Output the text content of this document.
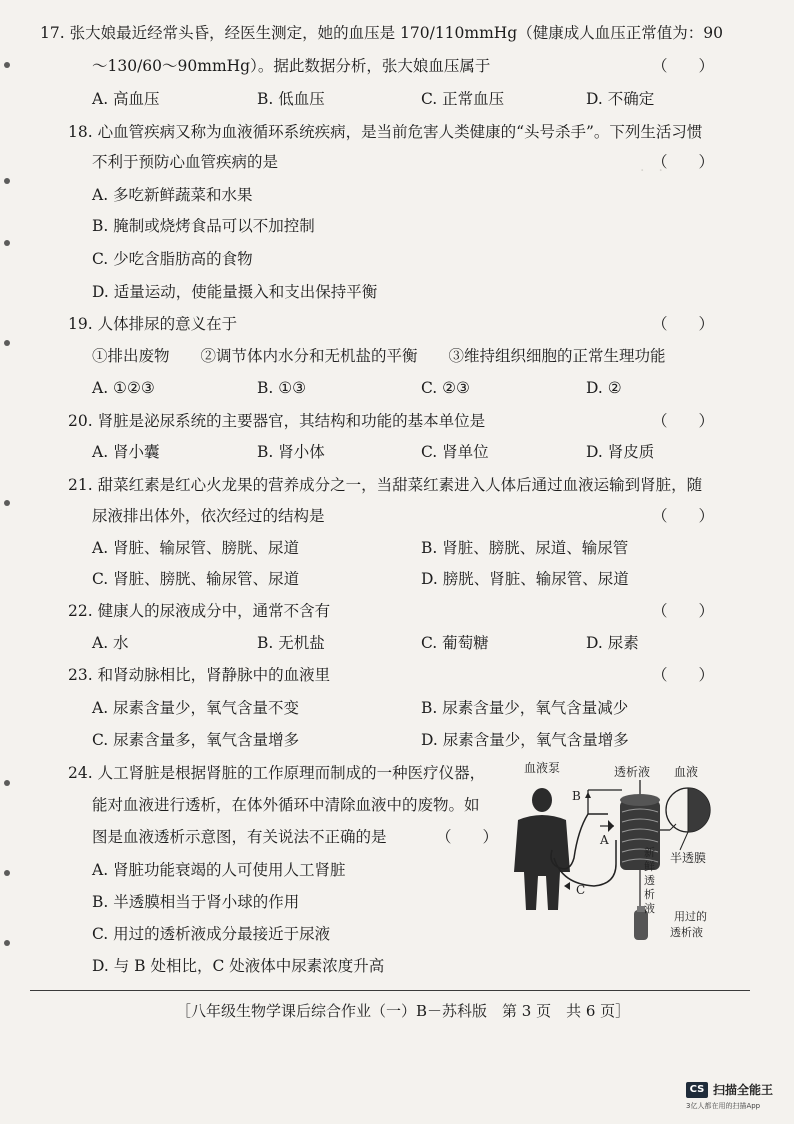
·　·
17. 张大娘最近经常头昏，经医生测定，她的血压是 170/110mmHg（健康成人血压正常值为：90
～130/60～90mmHg）。据此数据分析，张大娘血压属于	（　　）
A. 高血压	B. 低血压	C. 正常血压	D. 不确定
18. 心血管疾病又称为血液循环系统疾病，是当前危害人类健康的“头号杀手”。下列生活习惯
不利于预防心血管疾病的是	（　　）
A. 多吃新鲜蔬菜和水果
B. 腌制或烧烤食品可以不加控制
C. 少吃含脂肪高的食物
D. 适量运动，使能量摄入和支出保持平衡
19. 人体排尿的意义在于	（　　）
①排出废物　　②调节体内水分和无机盐的平衡　　③维持组织细胞的正常生理功能
A. ①②③	B. ①③	C. ②③	D. ②
20. 肾脏是泌尿系统的主要器官，其结构和功能的基本单位是	（　　）
A. 肾小囊	B. 肾小体	C. 肾单位	D. 肾皮质
21. 甜菜红素是红心火龙果的营养成分之一，当甜菜红素进入人体后通过血液运输到肾脏，随
尿液排出体外，依次经过的结构是	（　　）
A. 肾脏、输尿管、膀胱、尿道	B. 肾脏、膀胱、尿道、输尿管
C. 肾脏、膀胱、输尿管、尿道	D. 膀胱、肾脏、输尿管、尿道
22. 健康人的尿液成分中，通常不含有	（　　）
A. 水	B. 无机盐	C. 葡萄糖	D. 尿素
23. 和肾动脉相比，肾静脉中的血液里	（　　）
A. 尿素含量少，氧气含量不变	B. 尿素含量少，氧气含量减少
C. 尿素含量多，氧气含量增多	D. 尿素含量少，氧气含量增多
24. 人工肾脏是根据肾脏的工作原理而制成的一种医疗仪器，
能对血液进行透析，在体外循环中清除血液中的废物。如
图是血液透析示意图，有关说法不正确的是	（　　）
A. 肾脏功能衰竭的人可使用人工肾脏
B. 半透膜相当于肾小球的作用
C. 用过的透析液成分最接近于尿液
D. 与 B 处相比，C 处液体中尿素浓度升高
血液泵	透析液 血液
半透膜
B
A
C
新
鲜
透
析
液
用过的
透析液
［八年级生物学课后综合作业（一）B－苏科版　第 3 页　共 6 页］
CS 扫描全能王
3亿人都在用的扫描App
